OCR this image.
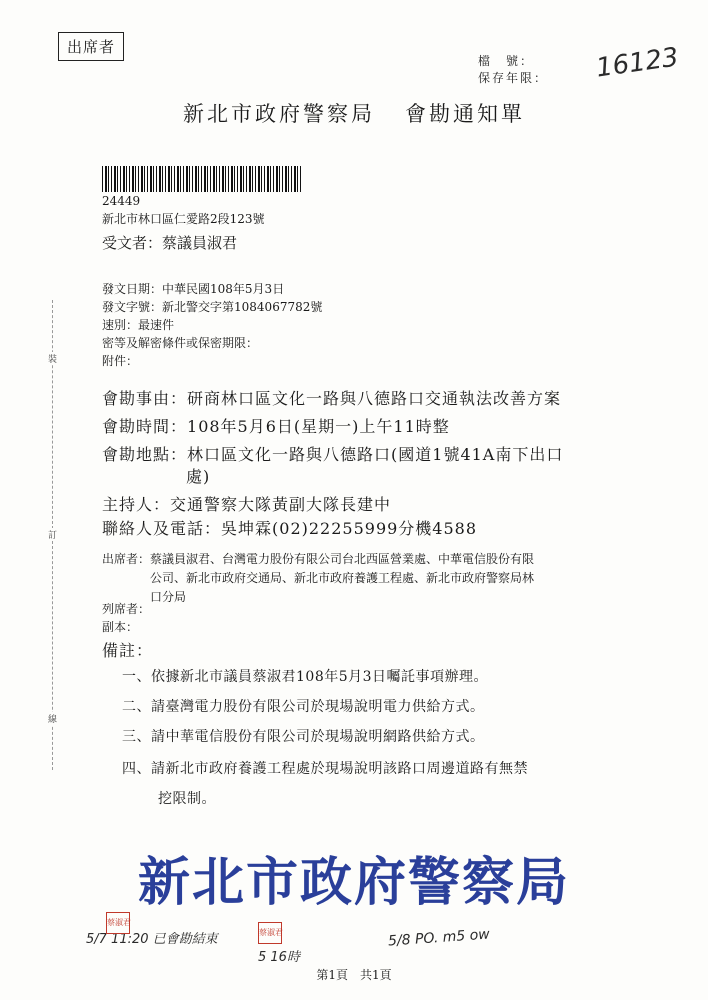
出席者
檔　號：
保存年限： 16123
新北市政府警察局 會勘通知單
24449
新北市林口區仁愛路2段123號
受文者：蔡議員淑君
發文日期：中華民國108年5月3日
發文字號：新北警交字第1084067782號
速別：最速件
密等及解密條件或保密期限：
附件：
會勘事由：研商林口區文化一路與八德路口交通執法改善方案
會勘時間：108年5月6日(星期一)上午11時整
會勘地點：林口區文化一路與八德路口(國道1號41A南下出口
處)
主持人：交通警察大隊黃副大隊長建中
聯絡人及電話：吳坤霖(02)22255999分機4588
出席者： 蔡議員淑君、台灣電力股份有限公司台北西區營業處、中華電信股份有限
公司、新北市政府交通局、新北市政府養護工程處、新北市政府警察局林
口分局
列席者：
副本：
備註：
一、依據新北市議員蔡淑君108年5月3日囑託事項辦理。
二、請臺灣電力股份有限公司於現場說明電力供給方式。
三、請中華電信股份有限公司於現場說明網路供給方式。
四、請新北市政府養護工程處於現場說明該路口周邊道路有無禁
挖限制。
裝
訂
線
新北市政府警察局
5/7 11:20 已會勘結束
蔡淑君
蔡淑君
5 16時
5/8 PO. m5 ow
第1頁　共1頁
